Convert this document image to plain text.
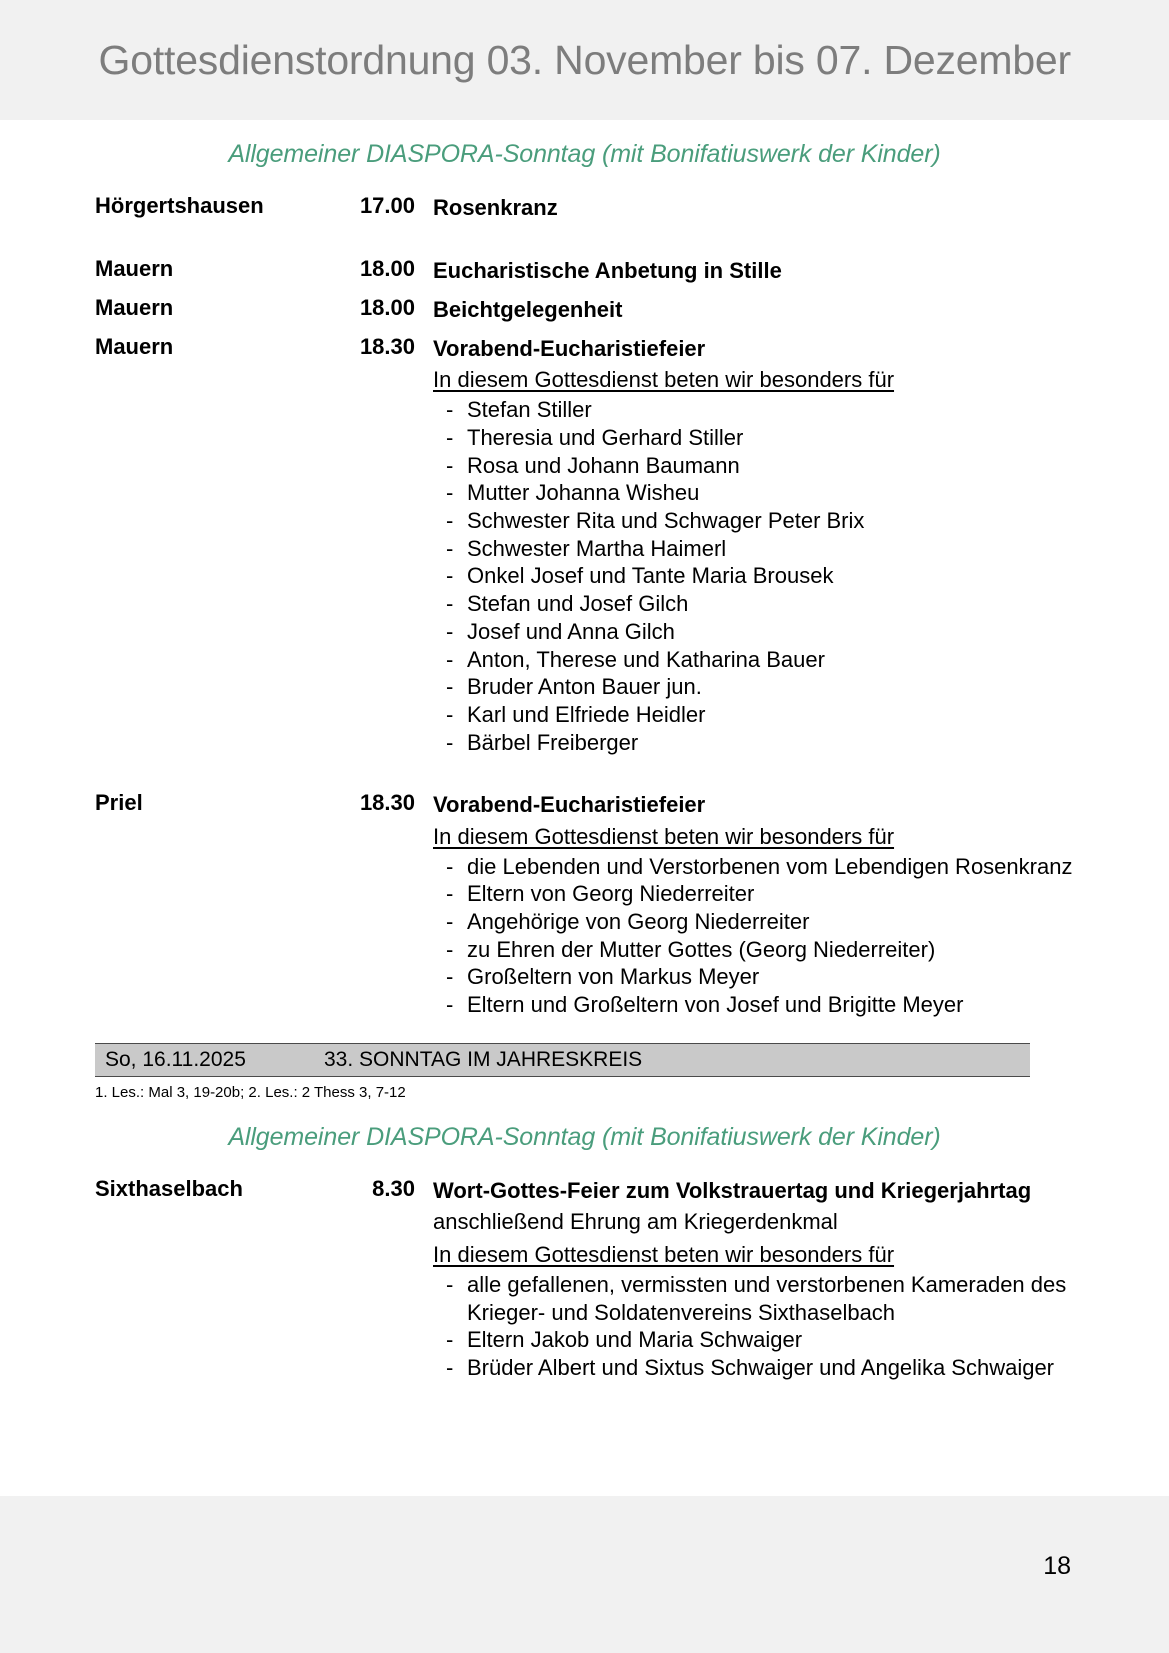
Gottesdienstordnung 03. November bis 07. Dezember
Allgemeiner DIASPORA-Sonntag (mit Bonifatiuswerk der Kinder)
Hörgertshausen	17.00 Rosenkranz
Mauern	18.00 Eucharistische Anbetung in Stille
Mauern	18.00 Beichtgelegenheit
Mauern	18.30 Vorabend-Eucharistiefeier
In diesem Gottesdienst beten wir besonders für
- Stefan Stiller
- Theresia und Gerhard Stiller
- Rosa und Johann Baumann
- Mutter Johanna Wisheu
- Schwester Rita und Schwager Peter Brix
- Schwester Martha Haimerl
- Onkel Josef und Tante Maria Brousek
- Stefan und Josef Gilch
- Josef und Anna Gilch
- Anton, Therese und Katharina Bauer
- Bruder Anton Bauer jun.
- Karl und Elfriede Heidler
- Bärbel Freiberger
Priel	18.30 Vorabend-Eucharistiefeier
In diesem Gottesdienst beten wir besonders für
- die Lebenden und Verstorbenen vom Lebendigen Rosenkranz
- Eltern von Georg Niederreiter
- Angehörige von Georg Niederreiter
- zu Ehren der Mutter Gottes (Georg Niederreiter)
- Großeltern von Markus Meyer
- Eltern und Großeltern von Josef und Brigitte Meyer
So, 16.11.2025	33. SONNTAG IM JAHRESKREIS
1. Les.: Mal 3, 19-20b; 2. Les.: 2 Thess 3, 7-12
Allgemeiner DIASPORA-Sonntag (mit Bonifatiuswerk der Kinder)
Sixthaselbach	8.30 Wort-Gottes-Feier zum Volkstrauertag und Kriegerjahrtag
anschließend Ehrung am Kriegerdenkmal
In diesem Gottesdienst beten wir besonders für
- alle gefallenen, vermissten und verstorbenen Kameraden des Krieger- und Soldatenvereins Sixthaselbach
- Eltern Jakob und Maria Schwaiger
- Brüder Albert und Sixtus Schwaiger und Angelika Schwaiger
18
